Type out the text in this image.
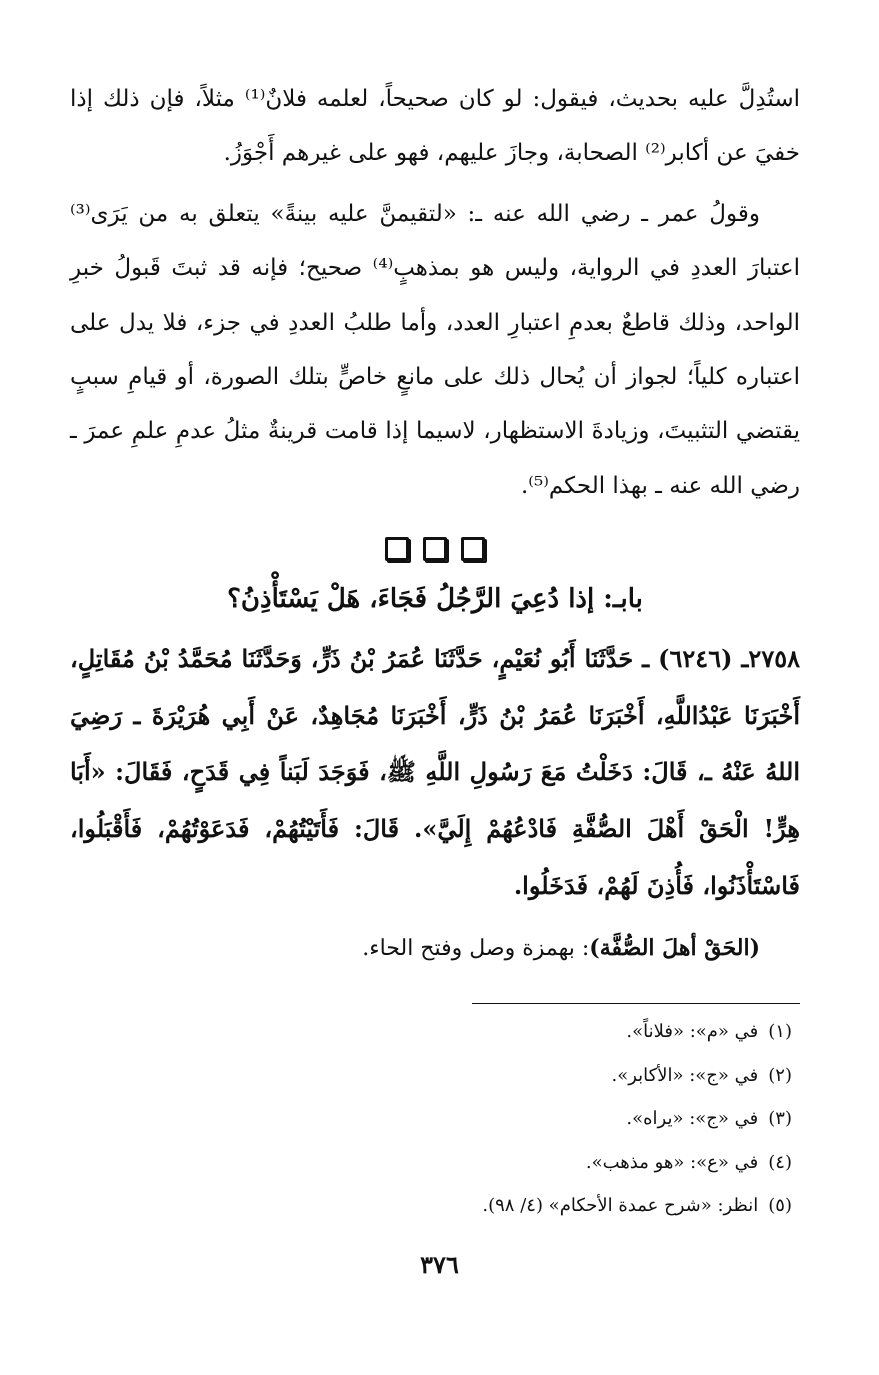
استُدِلَّ عليه بحديث، فيقول: لو كان صحيحاً، لعلمه فلانٌ⁽¹⁾ مثلاً، فإن ذلك إذا خفيَ عن أكابر⁽²⁾ الصحابة، وجازَ عليهم، فهو على غيرهم أَجْوَزُ.

وقولُ عمر ـ رضي الله عنه ـ: «لتقيمنَّ عليه بينةً» يتعلق به من يَرَى⁽³⁾ اعتبارَ العددِ في الرواية، وليس هو بمذهبٍ⁽⁴⁾ صحيح؛ فإنه قد ثبتَ قَبولُ خبرِ الواحد، وذلك قاطعٌ بعدمِ اعتبارِ العدد، وأما طلبُ العددِ في جزء، فلا يدل على اعتباره كلياً؛ لجواز أن يُحال ذلك على مانعٍ خاصٍّ بتلك الصورة، أو قيامِ سببٍ يقتضي التثبيتَ، وزيادةَ الاستظهار، لاسيما إذا قامت قرينةٌ مثلُ عدمِ علمِ عمرَ ـ رضي الله عنه ـ بهذا الحكم⁽⁵⁾.

بابـ: إذا دُعِيَ الرَّجُلُ فَجَاءَ، هَلْ يَسْتَأْذِنُ؟

٢٧٥٨ـ (٦٢٤٦) ـ حَدَّثَنَا أَبُو نُعَيْمٍ، حَدَّثَنَا عُمَرُ بْنُ ذَرٍّ، وَحَدَّثَنَا مُحَمَّدُ بْنُ مُقَاتِلٍ، أَخْبَرَنَا عَبْدُاللَّهِ، أَخْبَرَنَا عُمَرُ بْنُ ذَرٍّ، أَخْبَرَنَا مُجَاهِدٌ، عَنْ أَبِي هُرَيْرَةَ ـ رَضِيَ اللهُ عَنْهُ ـ، قَالَ: دَخَلْتُ مَعَ رَسُولِ اللَّهِ ﷺ، فَوَجَدَ لَبَناً فِي قَدَحٍ، فَقَالَ: «أَبَا هِرٍّ! الْحَقْ أَهْلَ الصُّفَّةِ فَادْعُهُمْ إِلَيَّ». قَالَ: فَأَتَيْتُهُمْ، فَدَعَوْتُهُمْ، فَأَقْبَلُوا، فَاسْتَأْذَنُوا، فَأُذِنَ لَهُمْ، فَدَخَلُوا.

(الحَقْ أهلَ الصُّفَّة): بهمزة وصل وفتح الحاء.

(١)في «م»: «فلاناً».

(٢)في «ج»: «الأكابر».

(٣)في «ج»: «يراه».

(٤)في «ع»: «هو مذهب».

(٥)انظر: «شرح عمدة الأحكام» (٤/ ٩٨).

٣٧٦
